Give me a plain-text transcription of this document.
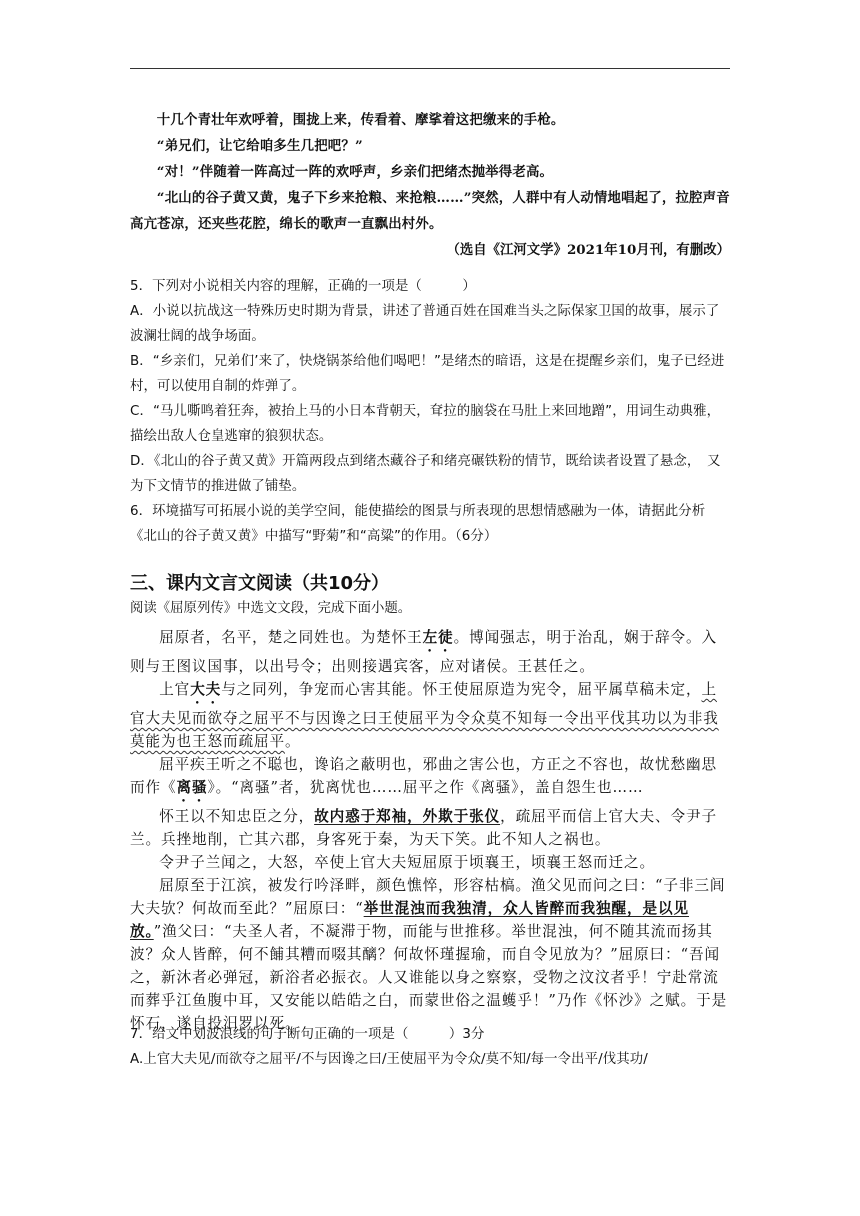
十几个青壮年欢呼着，围拢上来，传看着、摩挲着这把缴来的手枪。

“弟兄们，让它给咱多生几把吧？”

“对！”伴随着一阵高过一阵的欢呼声，乡亲们把绪杰抛举得老高。

“北山的谷子黄又黄，鬼子下乡来抢粮、来抢粮……”突然，人群中有人动情地唱起了，拉腔声音高亢苍凉，还夹些花腔，绵长的歌声一直飘出村外。

（选自《江河文学》2021年10月刊，有删改）

5．下列对小说相关内容的理解，正确的一项是（　　　）

A．小说以抗战这一特殊历史时期为背景，讲述了普通百姓在国难当头之际保家卫国的故事，展示了波澜壮阔的战争场面。

B．“乡亲们，兄弟们’来了，快烧锅茶给他们喝吧！”是绪杰的暗语，这是在提醒乡亲们，鬼子已经进村，可以使用自制的炸弹了。

C．“马儿嘶鸣着狂奔，被抬上马的小日本背朝天，耷拉的脑袋在马肚上来回地蹭”，用词生动典雅，描绘出敌人仓皇逃窜的狼狈状态。

D．《北山的谷子黄又黄》开篇两段点到绪杰藏谷子和绪亮碾铁粉的情节，既给读者设置了悬念，　又为下文情节的推进做了铺垫。

6．环境描写可拓展小说的美学空间，能使描绘的图景与所表现的思想情感融为一体，请据此分析《北山的谷子黄又黄》中描写“野菊”和“高粱”的作用。（6分）

三、课内文言文阅读（共10分）
阅读《屈原列传》中选文文段，完成下面小题。

屈原者，名平，楚之同姓也。为楚怀王左徒。博闻强志，明于治乱，娴于辞令。入则与王图议国事，以出号令；出则接遇宾客，应对诸侯。王甚任之。

上官大夫与之同列，争宠而心害其能。怀王使屈原造为宪令，屈平属草稿未定，上官大夫见而欲夺之屈平不与因谗之曰王使屈平为令众莫不知每一令出平伐其功以为非我莫能为也王怒而疏屈平。

屈平疾王听之不聪也，谗谄之蔽明也，邪曲之害公也，方正之不容也，故忧愁幽思而作《离骚》。“离骚”者，犹离忧也……屈平之作《离骚》，盖自怨生也……

怀王以不知忠臣之分，故内惑于郑袖，外欺于张仪，疏屈平而信上官大夫、令尹子兰。兵挫地削，亡其六郡，身客死于秦，为天下笑。此不知人之祸也。

令尹子兰闻之，大怒，卒使上官大夫短屈原于顷襄王，顷襄王怒而迁之。

屈原至于江滨，被发行吟泽畔，颜色憔悴，形容枯槁。渔父见而问之曰：“子非三闾大夫欤？何故而至此？”屈原曰：“举世混浊而我独清，众人皆醉而我独醒，是以见放。”渔父曰：“夫圣人者，不凝滞于物，而能与世推移。举世混浊，何不随其流而扬其波？众人皆醉，何不餔其糟而啜其醨？何故怀瑾握瑜，而自令见放为？”屈原曰：“吾闻之，新沐者必弹冠，新浴者必振衣。人又谁能以身之察察，受物之汶汶者乎！宁赴常流而葬乎江鱼腹中耳，又安能以皓皓之白，而蒙世俗之温蠖乎！”乃作《怀沙》之赋。于是怀石，遂自投汨罗以死。

7．给文中划波浪线的句子断句正确的一项是（　　　）3分

A.上官大夫见/而欲夺之屈平/不与因谗之曰/王使屈平为令众/莫不知/每一令出平/伐其功/
